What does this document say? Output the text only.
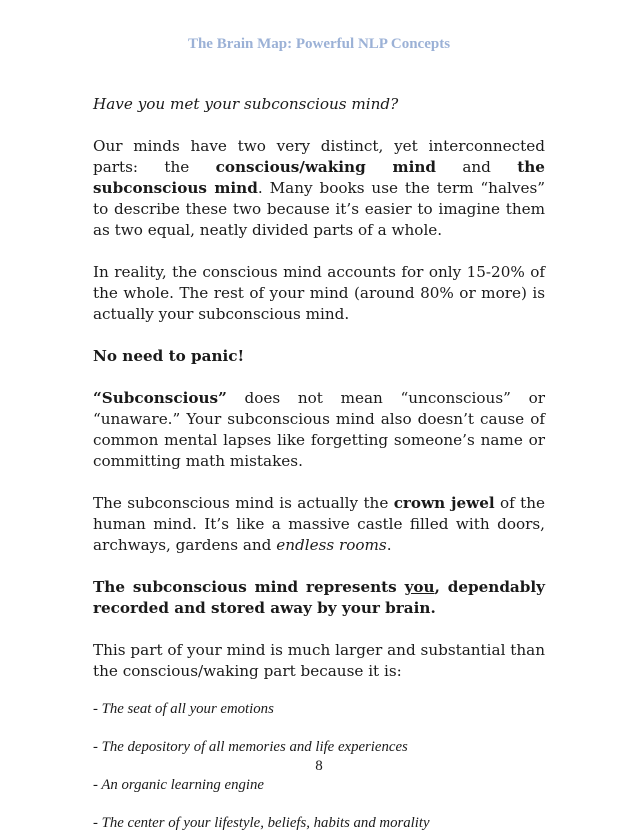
The Brain Map: Powerful NLP Concepts

Have you met your subconscious mind?

Our minds have two very distinct, yet interconnected parts: the conscious/waking mind and the subconscious mind. Many books use the term “halves” to describe these two because it’s easier to imagine them as two equal, neatly divided parts of a whole.

In reality, the conscious mind accounts for only 15-20% of the whole. The rest of your mind (around 80% or more) is actually your subconscious mind.

No need to panic!

“Subconscious” does not mean “unconscious” or “unaware.” Your subconscious mind also doesn’t cause of common mental lapses like forgetting someone’s name or committing math mistakes.

The subconscious mind is actually the crown jewel of the human mind. It’s like a massive castle filled with doors, archways, gardens and endless rooms.

The subconscious mind represents you, dependably recorded and stored away by your brain.

This part of your mind is much larger and substantial than the conscious/waking part because it is:

- The seat of all your emotions

- The depository of all memories and life experiences

- An organic learning engine

- The center of your lifestyle, beliefs, habits and morality

8
